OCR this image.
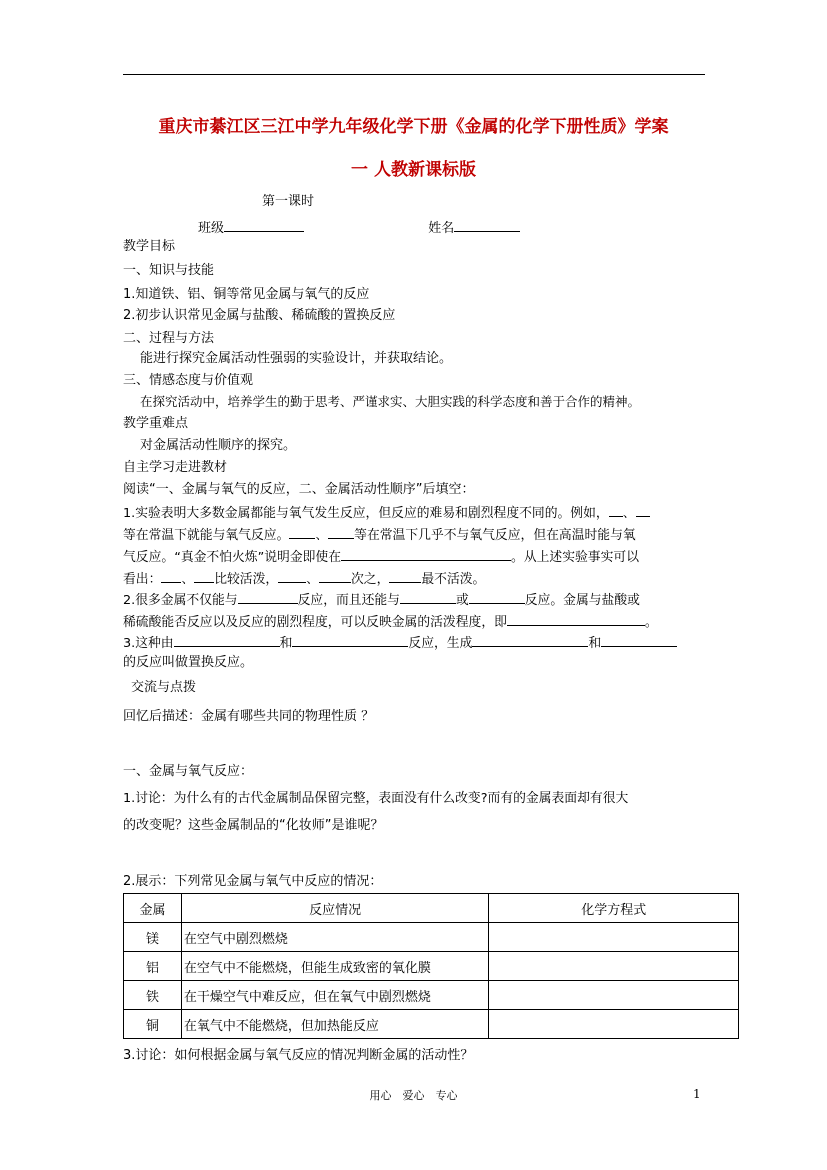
重庆市綦江区三江中学九年级化学下册《金属的化学下册性质》学案
一 人教新课标版
第一课时
班级	姓名
教学目标
一、知识与技能
1.知道铁、铝、铜等常见金属与氧气的反应
2.初步认识常见金属与盐酸、稀硫酸的置换反应
二、过程与方法
能进行探究金属活动性强弱的实验设计，并获取结论。
三、情感态度与价值观
在探究活动中，培养学生的勤于思考、严谨求实、大胆实践的科学态度和善于合作的精神。
教学重难点
对金属活动性顺序的探究。
自主学习走进教材
阅读“一、金属与氧气的反应，二、金属活动性顺序”后填空：
1.实验表明大多数金属都能与氧气发生反应，但反应的难易和剧烈程度不同的。例如， 、
等在常温下就能与氧气反应。 、 等在常温下几乎不与氧气反应，但在高温时能与氧
气反应。“真金不怕火炼”说明金即使在	。从上述实验事实可以
看出： 、 比较活泼， 、	次之，	最不活泼。
2.很多金属不仅能与	反应，而且还能与	或	反应。金属与盐酸或
稀硫酸能否反应以及反应的剧烈程度，可以反映金属的活泼程度，即	。
3.这种由	和	反应，生成	和
的反应叫做置换反应。
交流与点拨
回忆后描述：金属有哪些共同的物理性质 ？
一、金属与氧气反应：
1.讨论：为什么有的古代金属制品保留完整，表面没有什么改变?而有的金属表面却有很大
的改变呢？这些金属制品的“化妆师”是谁呢？
2.展示：下列常见金属与氧气中反应的情况：
金属	反应情况	化学方程式
镁	在空气中剧烈燃烧	
铝	在空气中不能燃烧，但能生成致密的氧化膜	
铁	在干燥空气中难反应，但在氧气中剧烈燃烧	
铜	在氧气中不能燃烧，但加热能反应	
3.讨论：如何根据金属与氧气反应的情况判断金属的活动性？
用心　爱心　专心	1
